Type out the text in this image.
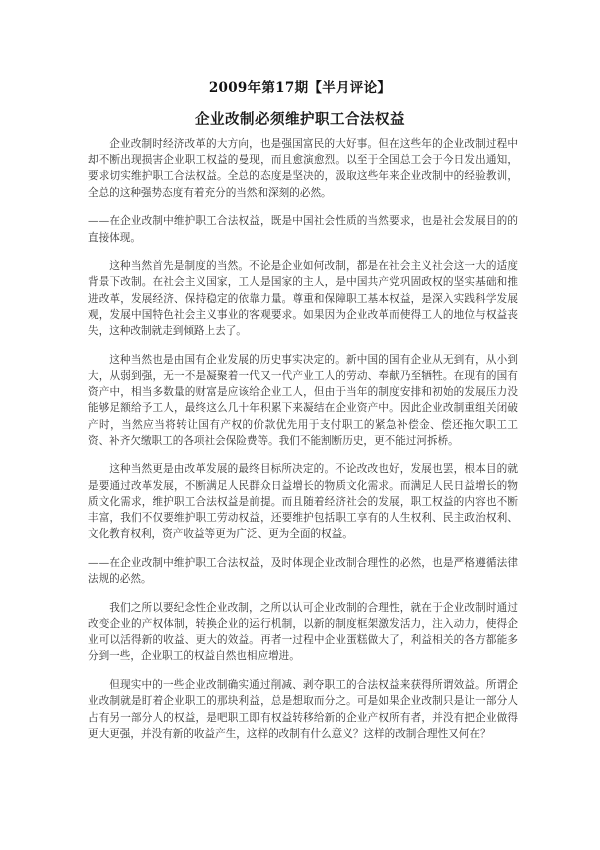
2009年第17期【半月评论】
企业改制必须维护职工合法权益

企业改制时经济改革的大方向，也是强国富民的大好事。但在这些年的企业改制过程中却不断出现损害企业职工权益的曼现，而且愈演愈烈。以至于全国总工会于今日发出通知，要求切实维护职工合法权益。全总的态度是坚决的，汲取这些年来企业改制中的经验教训，全总的这种强势态度有着充分的当然和深刻的必然。

——在企业改制中维护职工合法权益，既是中国社会性质的当然要求，也是社会发展目的的直接体现。

这种当然首先是制度的当然。不论是企业如何改制，都是在社会主义社会这一大的适度背景下改制。在社会主义国家，工人是国家的主人，是中国共产党巩固政权的坚实基础和推进改革，发展经济、保持稳定的依靠力量。尊重和保障职工基本权益，是深入实践科学发展观，发展中国特色社会主义事业的客观要求。如果因为企业改革而使得工人的地位与权益丧失，这种改制就走到倾路上去了。

这种当然也是由国有企业发展的历史事实决定的。新中国的国有企业从无到有，从小到大，从弱到强，无一不是凝聚着一代又一代产业工人的劳动、奉献乃至牺牲。在现有的国有资产中，相当多数量的财富是应该给企业工人，但由于当年的制度安排和初始的发展压力没能够足额给予工人，最终这么几十年积累下来凝结在企业资产中。因此企业改制重组关闭破产时，当然应当将转让国有产权的价款优先用于支付职工的紧急补偿金、偿还拖欠职工工资、补齐欠缴职工的各项社会保险费等。我们不能割断历史，更不能过河拆桥。

这种当然更是由改革发展的最终目标所决定的。不论改改也好，发展也罢，根本目的就是要通过改革发展，不断满足人民群众日益增长的物质文化需求。而满足人民日益增长的物质文化需求，维护职工合法权益是前提。而且随着经济社会的发展，职工权益的内容也不断丰富，我们不仅要维护职工劳动权益，还要维护包括职工享有的人生权利、民主政治权利、文化教育权利，资产收益等更为广泛、更为全面的权益。

——在企业改制中维护职工合法权益，及时体现企业改制合理性的必然，也是严格遵循法律法规的必然。

我们之所以要纪念性企业改制，之所以认可企业改制的合理性，就在于企业改制时通过改变企业的产权体制，转换企业的运行机制，以新的制度框架激发活力，注入动力，使得企业可以活得新的收益、更大的效益。再者一过程中企业蛋糕做大了，利益相关的各方都能多分到一些，企业职工的权益自然也相应增进。

但现实中的一些企业改制确实通过削减、剥夺职工的合法权益来获得所谓效益。所谓企业改制就是盯着企业职工的那块利益，总是想取而分之。可是如果企业改制只是让一部分人占有另一部分人的权益，是吧职工即有权益转移给新的企业产权所有者，并没有把企业做得更大更强，并没有新的收益产生，这样的改制有什么意义？这样的改制合理性又何在？
